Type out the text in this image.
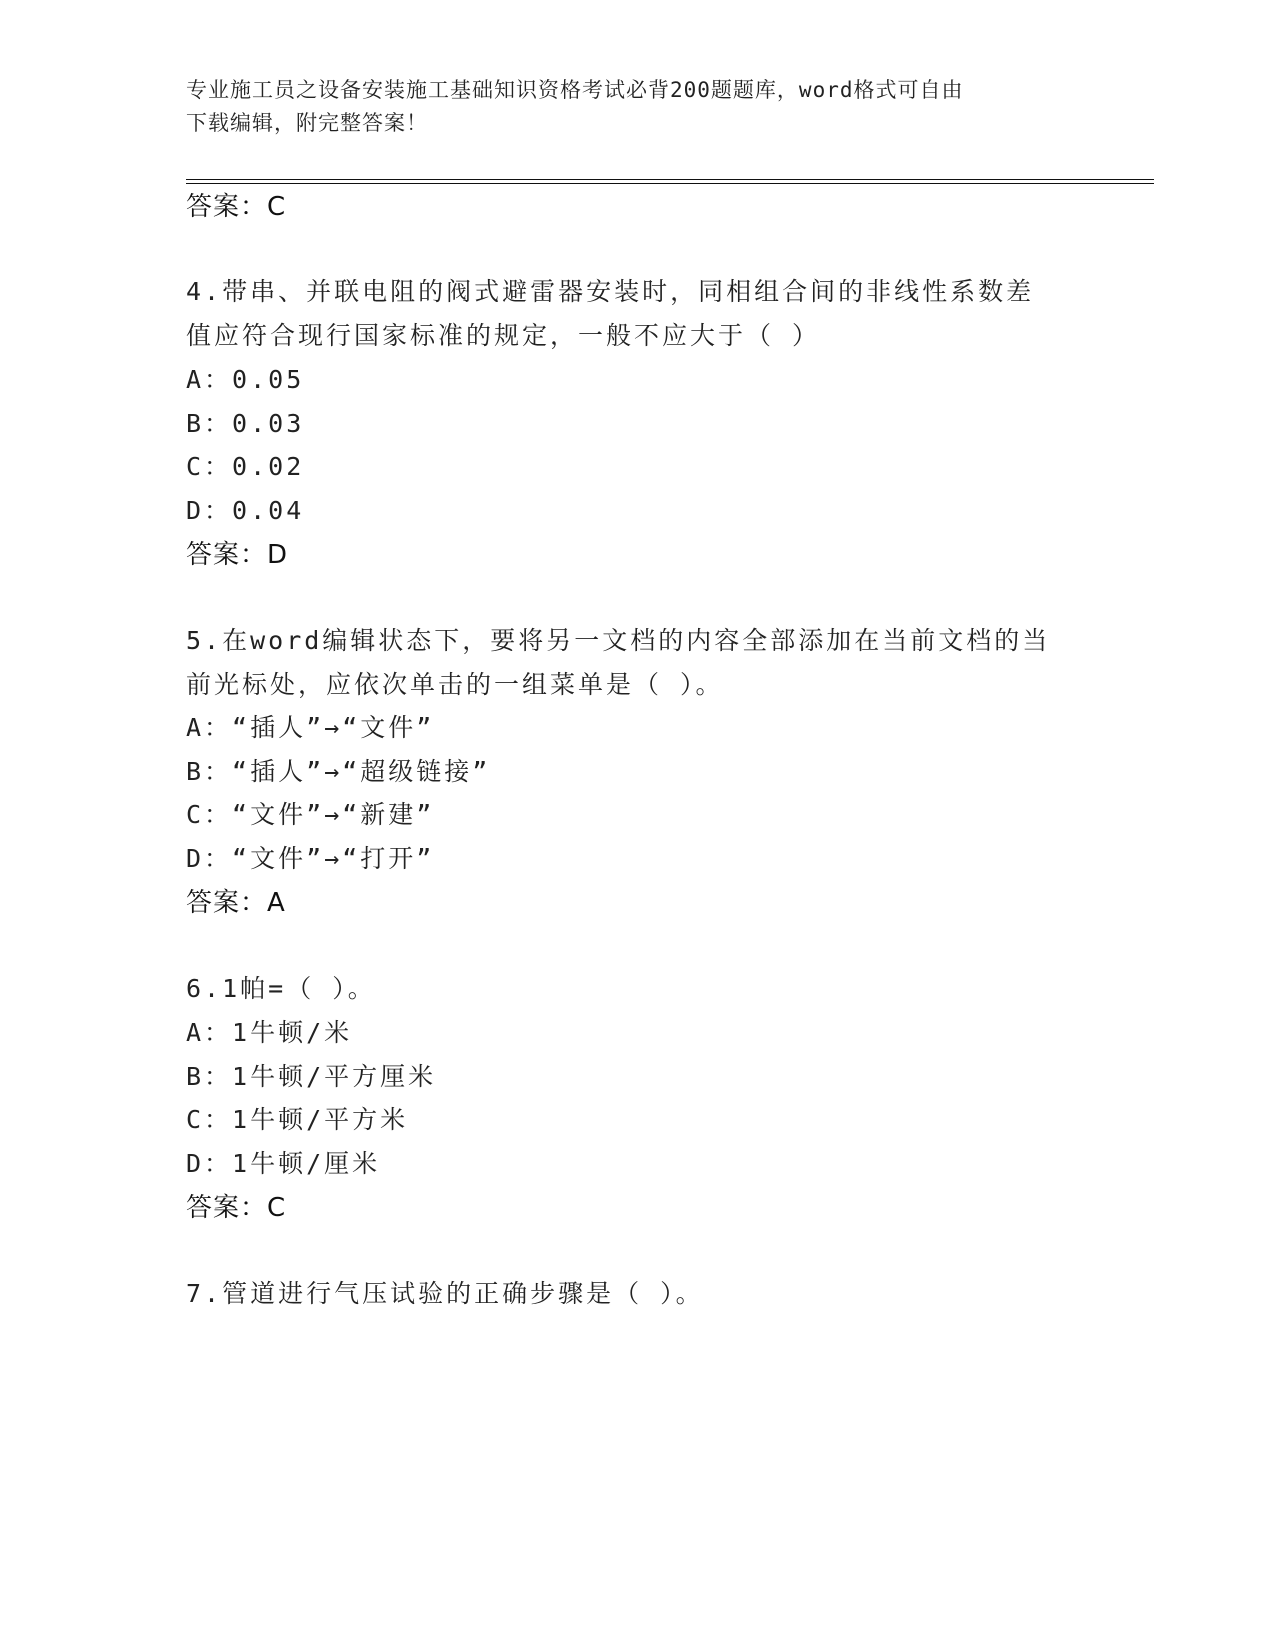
专业施工员之设备安装施工基础知识资格考试必背200题题库，word格式可自由
下载编辑，附完整答案！
答案：C
4.带串、并联电阻的阀式避雷器安装时，同相组合间的非线性系数差
值应符合现行国家标准的规定，一般不应大于（ ）
A：0.05
B：0.03
C：0.02
D：0.04
答案：D
5.在word编辑状态下，要将另一文档的内容全部添加在当前文档的当
前光标处，应依次单击的一组菜单是（ ）。
A：“插人”→“文件”
B：“插人”→“超级链接”
C：“文件”→“新建”
D：“文件”→“打开”
答案：A
6.1帕=（ ）。
A：1牛顿/米
B：1牛顿/平方厘米
C：1牛顿/平方米
D：1牛顿/厘米
答案：C
7.管道进行气压试验的正确步骤是（ ）。
